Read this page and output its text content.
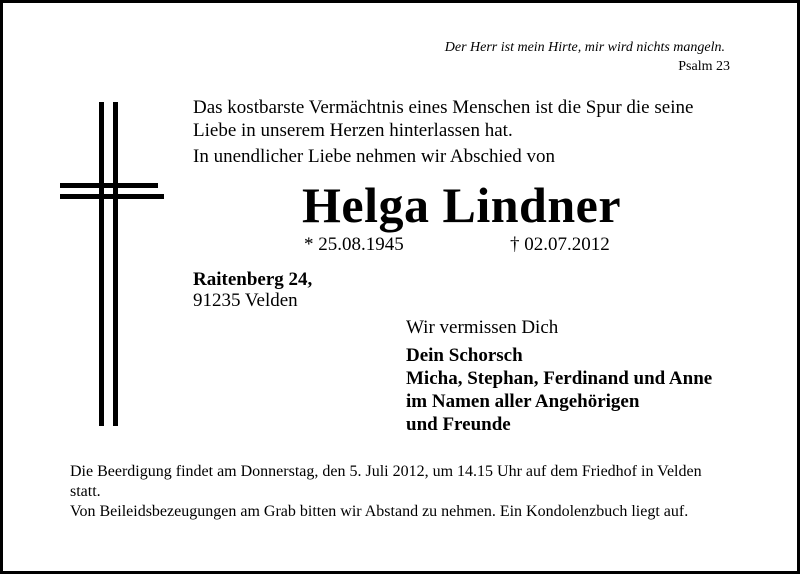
Der Herr ist mein Hirte, mir wird nichts mangeln.
Psalm 23
Das kostbarste Vermächtnis eines Menschen ist die Spur die seine
Liebe in unserem Herzen hinterlassen hat.
In unendlicher Liebe nehmen wir Abschied von
Helga Lindner
* 25.08.1945	† 02.07.2012
Raitenberg 24,
91235 Velden
Wir vermissen Dich
Dein Schorsch
Micha, Stephan, Ferdinand und Anne
im Namen aller Angehörigen
und Freunde
Die Beerdigung findet am Donnerstag, den 5. Juli 2012, um 14.15 Uhr auf dem Friedhof in Velden statt.
Von Beileidsbezeugungen am Grab bitten wir Abstand zu nehmen. Ein Kondolenzbuch liegt auf.
